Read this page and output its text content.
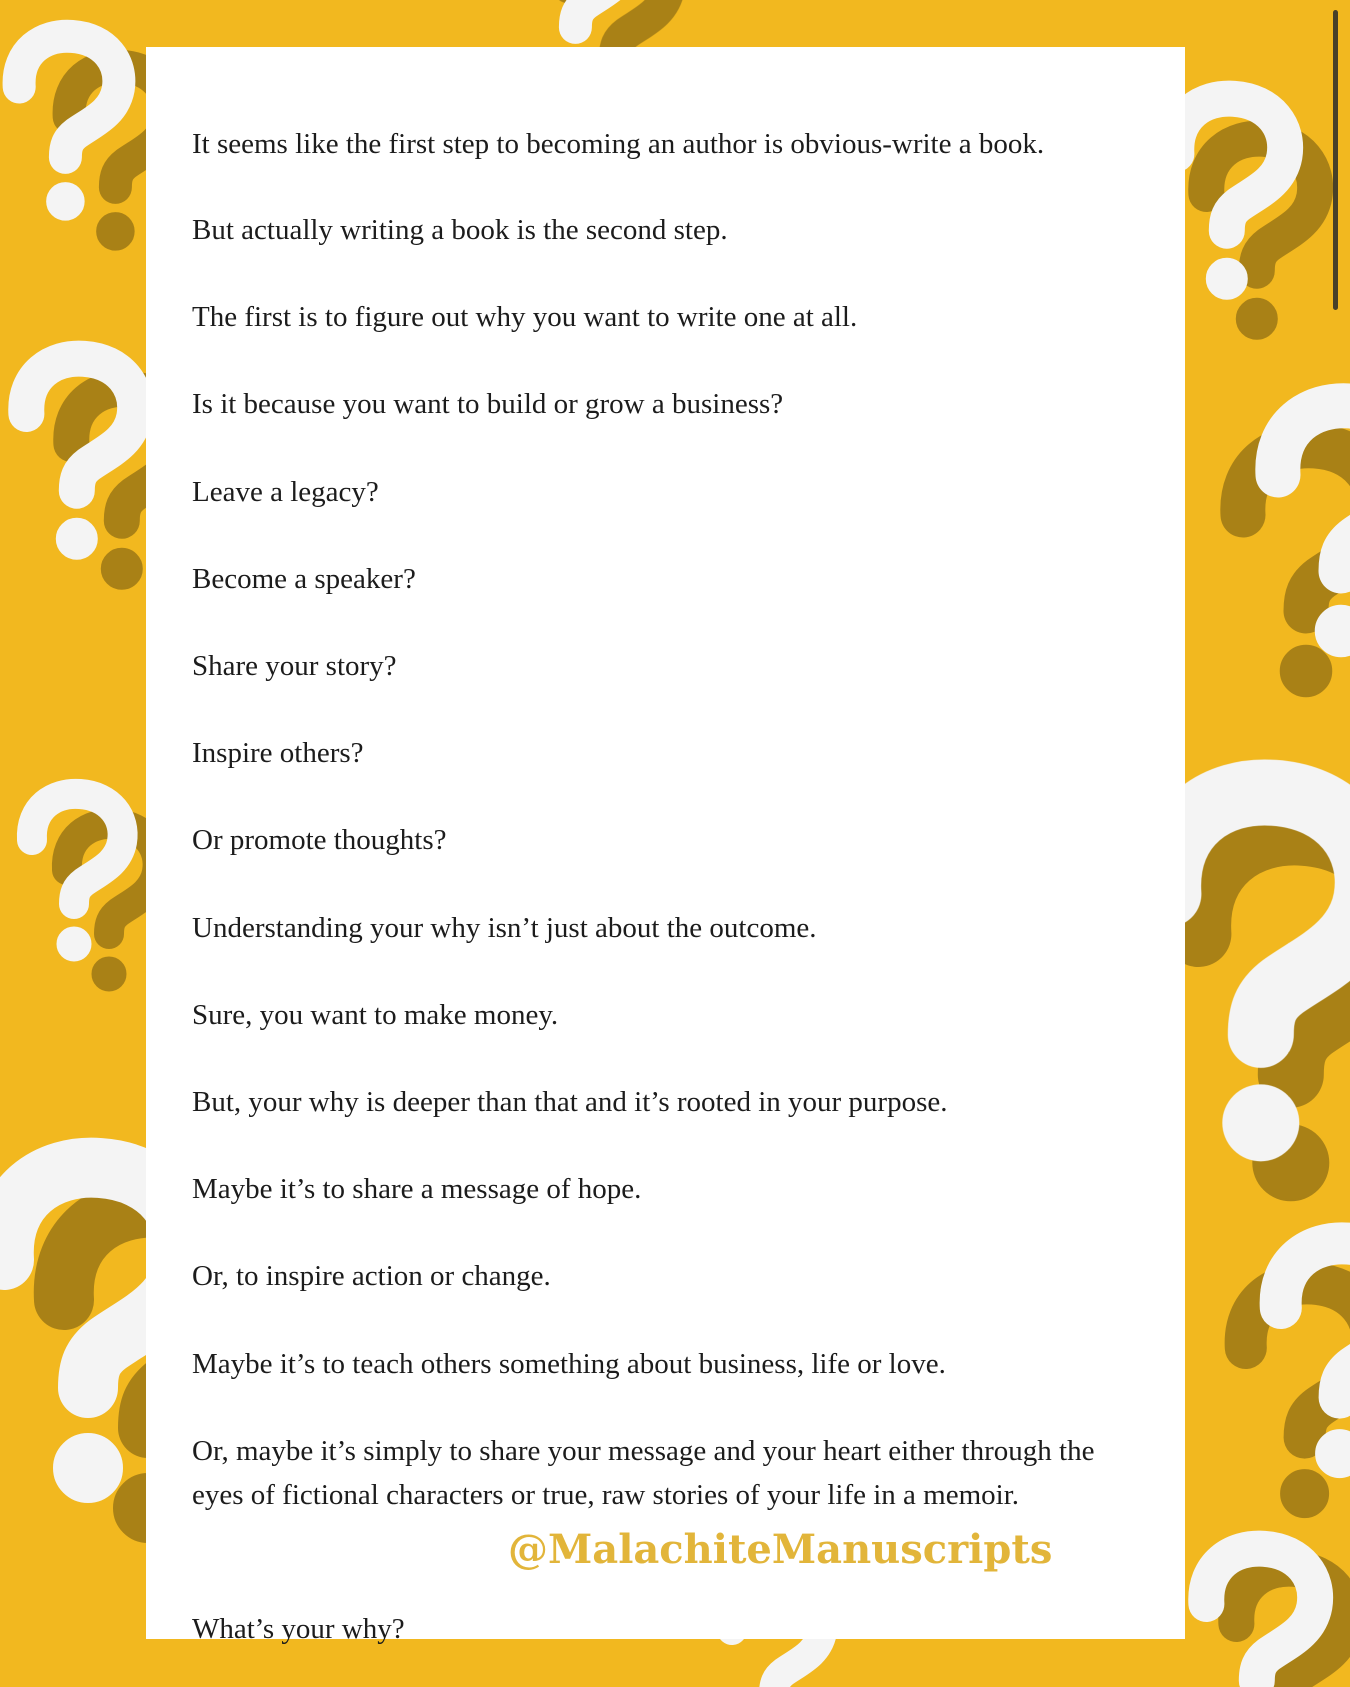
It seems like the first step to becoming an author is obvious-write a book.

But actually writing a book is the second step.

The first is to figure out why you want to write one at all.

Is it because you want to build or grow a business?

Leave a legacy?

Become a speaker?

Share your story?

Inspire others?

Or promote thoughts?

Understanding your why isn’t just about the outcome.

Sure, you want to make money.

But, your why is deeper than that and it’s rooted in your purpose.

Maybe it’s to share a message of hope.

Or, to inspire action or change.

Maybe it’s to teach others something about business, life or love.

Or, maybe it’s simply to share your message and your heart either through the eyes of fictional characters or true, raw stories of your life in a memoir.

What’s your why?

@MalachiteManuscripts
